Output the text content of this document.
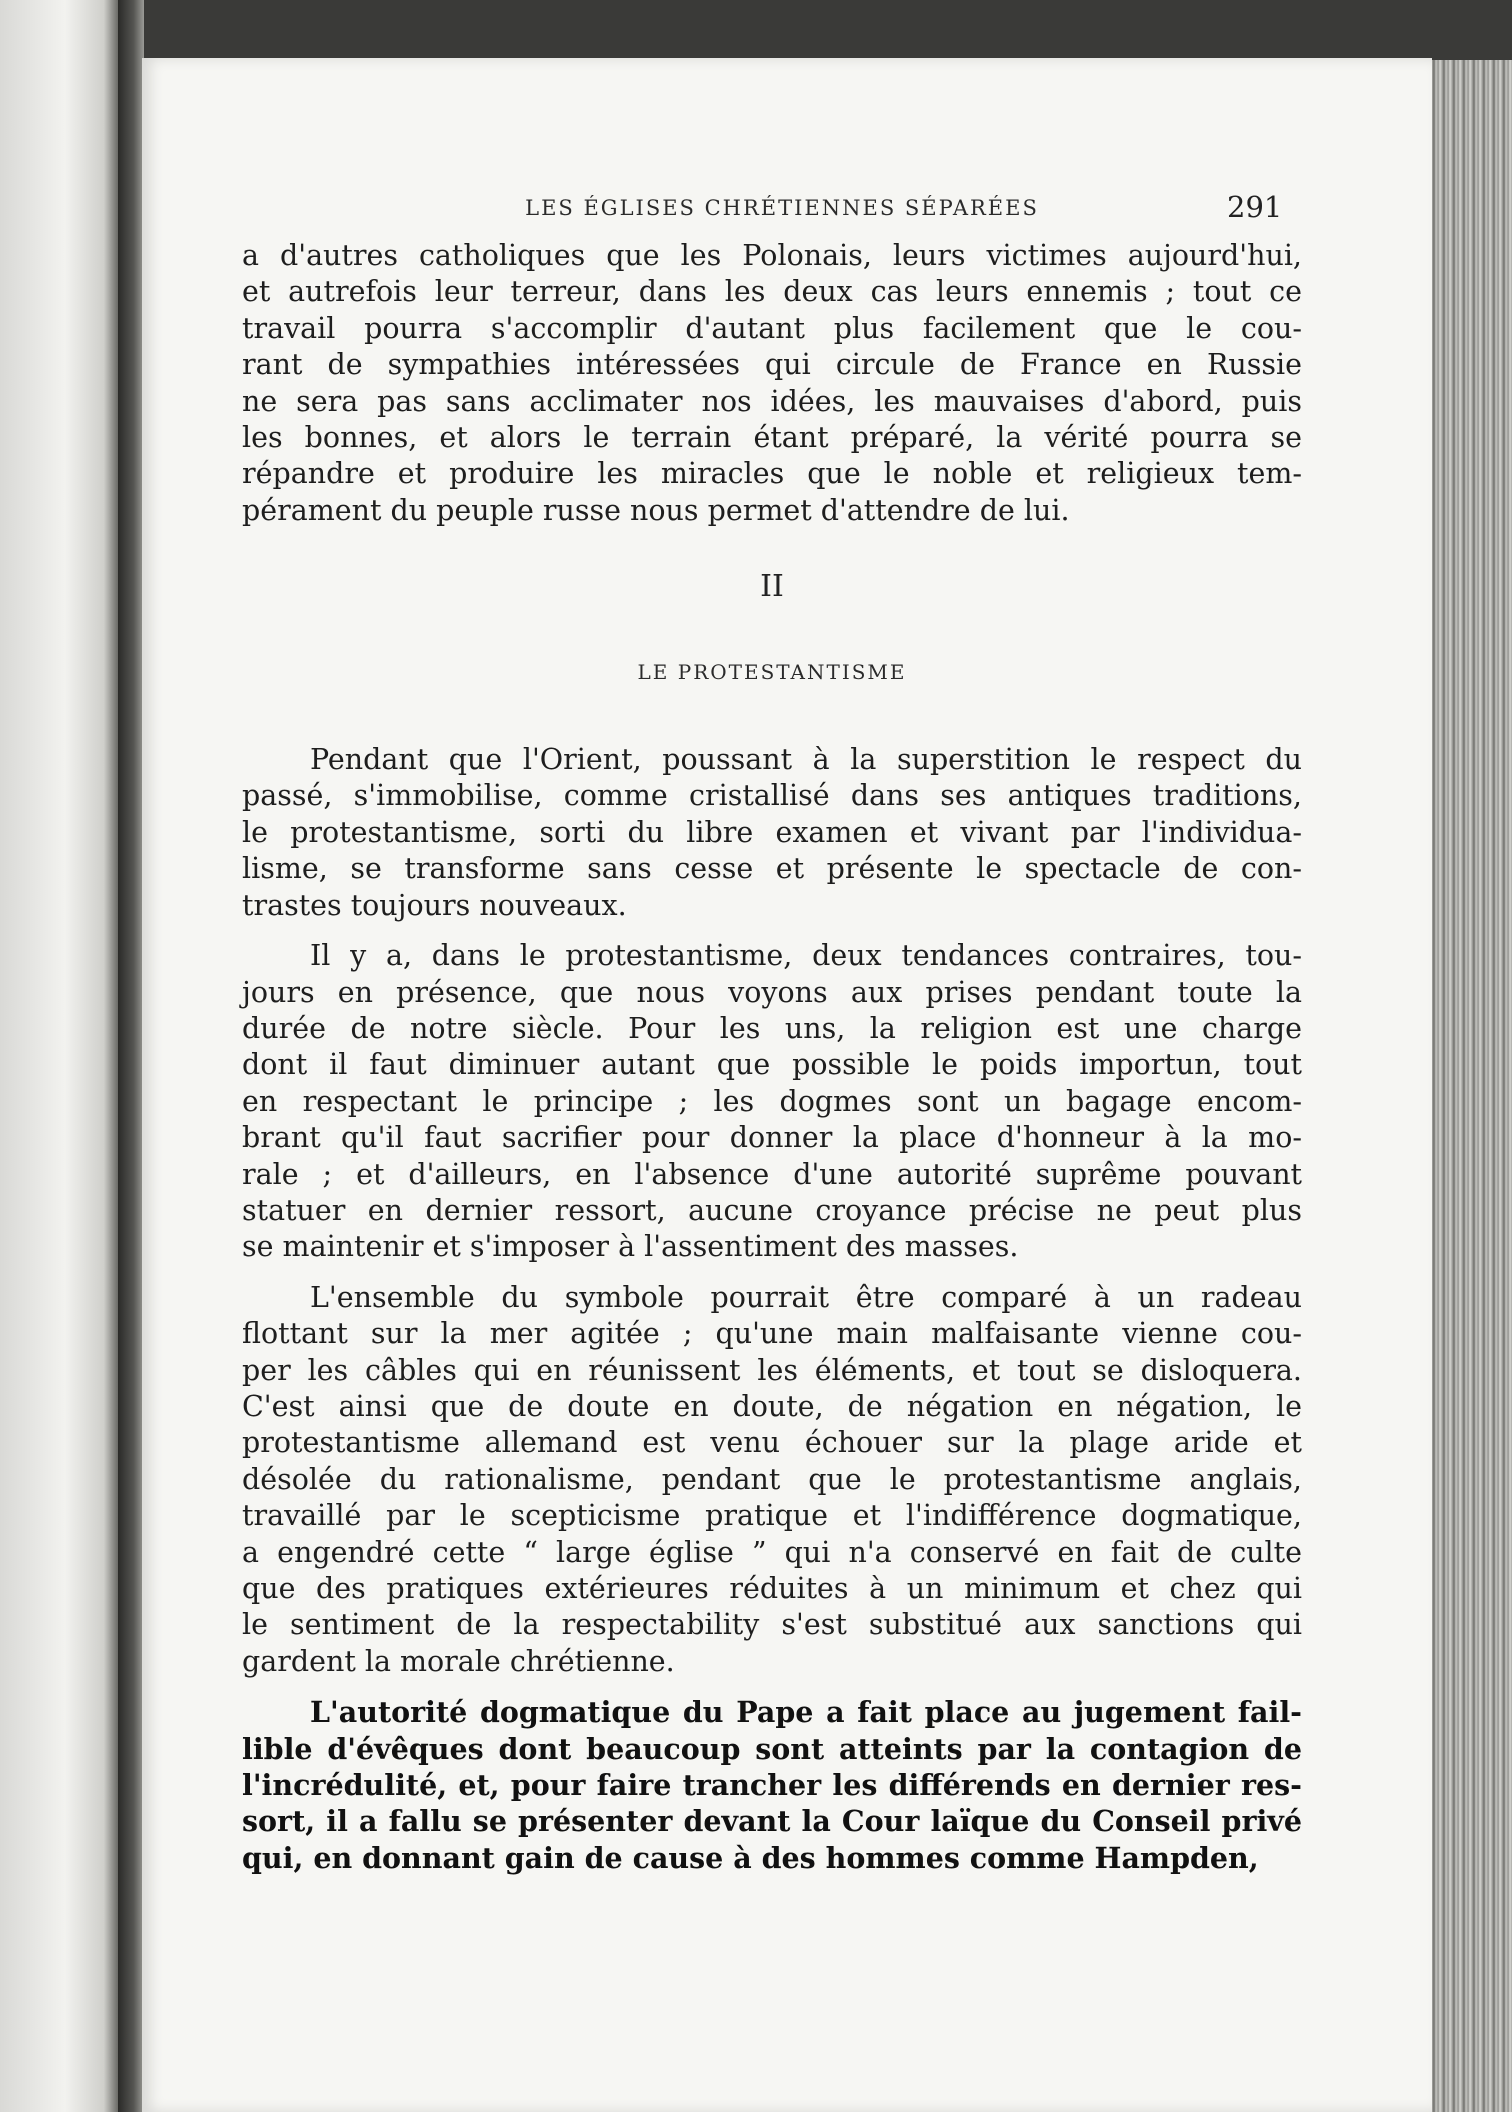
LES ÉGLISES CHRÉTIENNES SÉPARÉES	291

a d'autres catholiques que les Polonais, leurs victimes aujourd'hui,

et autrefois leur terreur, dans les deux cas leurs ennemis ; tout ce

travail pourra s'accomplir d'autant plus facilement que le cou-

rant de sympathies intéressées qui circule de France en Russie

ne sera pas sans acclimater nos idées, les mauvaises d'abord, puis

les bonnes, et alors le terrain étant préparé, la vérité pourra se

répandre et produire les miracles que le noble et religieux tem-

pérament du peuple russe nous permet d'attendre de lui.

II
LE PROTESTANTISME

Pendant que l'Orient, poussant à la superstition le respect du

passé, s'immobilise, comme cristallisé dans ses antiques traditions,

le protestantisme, sorti du libre examen et vivant par l'individua-

lisme, se transforme sans cesse et présente le spectacle de con-

trastes toujours nouveaux.

Il y a, dans le protestantisme, deux tendances contraires, tou-

jours en présence, que nous voyons aux prises pendant toute la

durée de notre siècle. Pour les uns, la religion est une charge

dont il faut diminuer autant que possible le poids importun, tout

en respectant le principe ; les dogmes sont un bagage encom-

brant qu'il faut sacrifier pour donner la place d'honneur à la mo-

rale ; et d'ailleurs, en l'absence d'une autorité suprême pouvant

statuer en dernier ressort, aucune croyance précise ne peut plus

se maintenir et s'imposer à l'assentiment des masses.

L'ensemble du symbole pourrait être comparé à un radeau

flottant sur la mer agitée ; qu'une main malfaisante vienne cou-

per les câbles qui en réunissent les éléments, et tout se disloquera.

C'est ainsi que de doute en doute, de négation en négation, le

protestantisme allemand est venu échouer sur la plage aride et

désolée du rationalisme, pendant que le protestantisme anglais,

travaillé par le scepticisme pratique et l'indifférence dogmatique,

a engendré cette “ large église ” qui n'a conservé en fait de culte

que des pratiques extérieures réduites à un minimum et chez qui

le sentiment de la respectability s'est substitué aux sanctions qui

gardent la morale chrétienne.

L'autorité dogmatique du Pape a fait place au jugement fail-

lible d'évêques dont beaucoup sont atteints par la contagion de

l'incrédulité, et, pour faire trancher les différends en dernier res-

sort, il a fallu se présenter devant la Cour laïque du Conseil privé

qui, en donnant gain de cause à des hommes comme Hampden,
